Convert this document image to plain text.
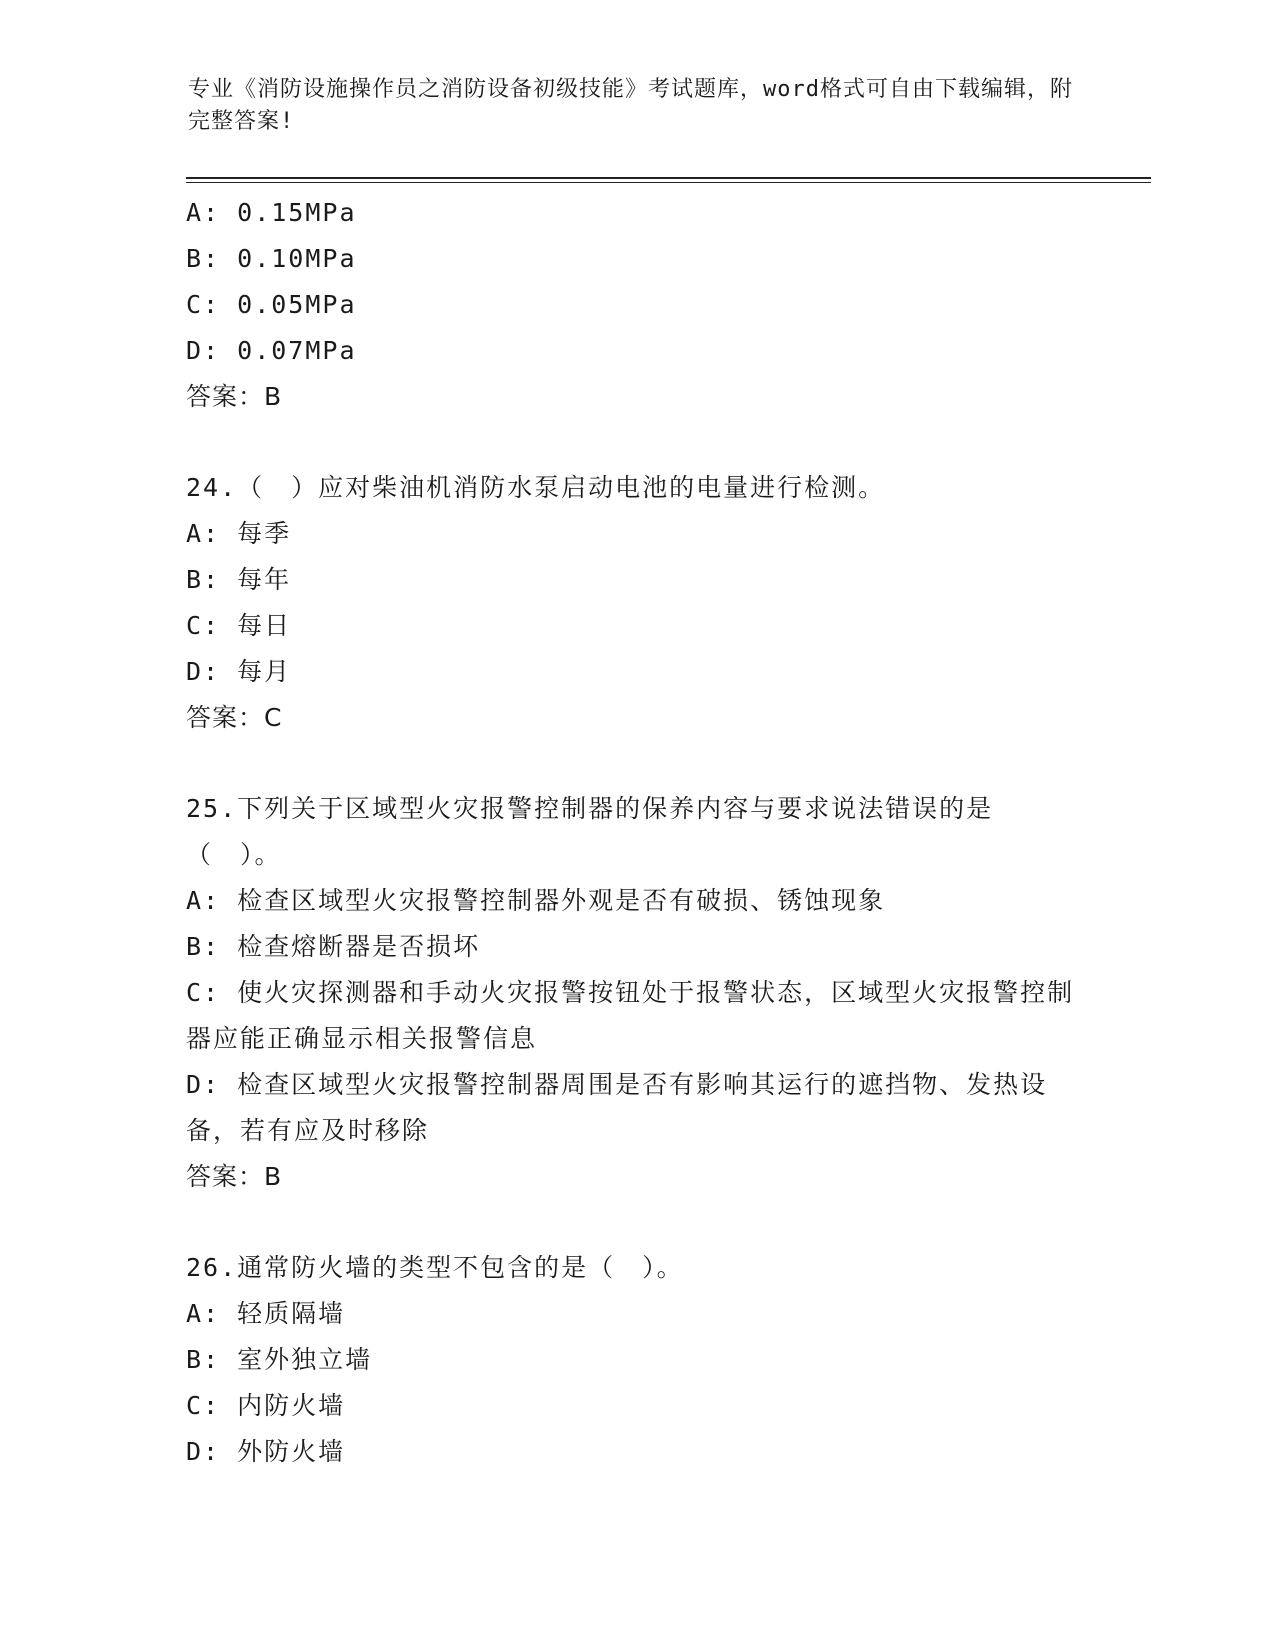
专业《消防设施操作员之消防设备初级技能》考试题库，word格式可自由下载编辑，附完整答案!
A: 0.15MPa
B: 0.10MPa
C: 0.05MPa
D: 0.07MPa
答案：B
24.（　）应对柴油机消防水泵启动电池的电量进行检测。
A: 每季
B: 每年
C: 每日
D: 每月
答案：C
25.下列关于区域型火灾报警控制器的保养内容与要求说法错误的是（　）。
A: 检查区域型火灾报警控制器外观是否有破损、锈蚀现象
B: 检查熔断器是否损坏
C: 使火灾探测器和手动火灾报警按钮处于报警状态，区域型火灾报警控制器应能正确显示相关报警信息
D: 检查区域型火灾报警控制器周围是否有影响其运行的遮挡物、发热设备，若有应及时移除
答案：B
26.通常防火墙的类型不包含的是（　）。
A: 轻质隔墙
B: 室外独立墙
C: 内防火墙
D: 外防火墙
